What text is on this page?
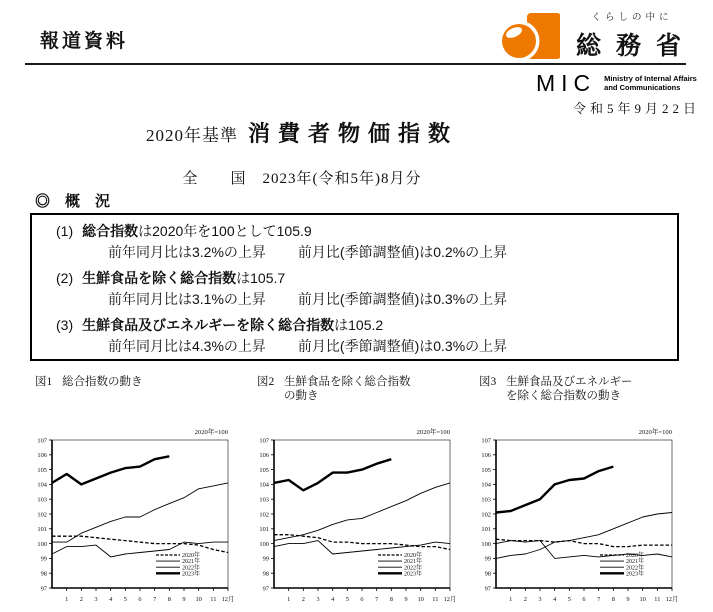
報道資料
くらしの中に
総務省
MIC Ministry of Internal Affairs
and Communications
令和5年9月22日
2020年基準 消費者物価指数
全　　国　2023年(令和5年)8月分
◎　概　況
(1) 総合指数は2020年を100として105.9
前年同月比は3.2%の上昇 前月比(季節調整値)は0.2%の上昇
(2) 生鮮食品を除く総合指数は105.7
前年同月比は3.1%の上昇 前月比(季節調整値)は0.3%の上昇
(3) 生鮮食品及びエネルギーを除く総合指数は105.2
前年同月比は4.3%の上昇 前月比(季節調整値)は0.3%の上昇
図1 総合指数の動き	図2 生鮮食品を除く総合指数
の動き
図3 生鮮食品及びエネルギー
を除く総合指数の動き
97
98
99
100
101
102
103
104
105
106
107
1 2 3 4 5 6 7 8 9 10 11 12月
2020年=100
2020年
2021年
2022年
2023年
97
98
99
100
101
102
103
104
105
106
107
1 2 3 4 5 6 7 8 9 10 11 12月
2020年=100
2020年
2021年
2022年
2023年
97
98
99
100
101
102
103
104
105
106
107
1 2 3 4 5 6 7 8 9 10 11 12月
2020年=100
2020年
2021年
2022年
2023年
